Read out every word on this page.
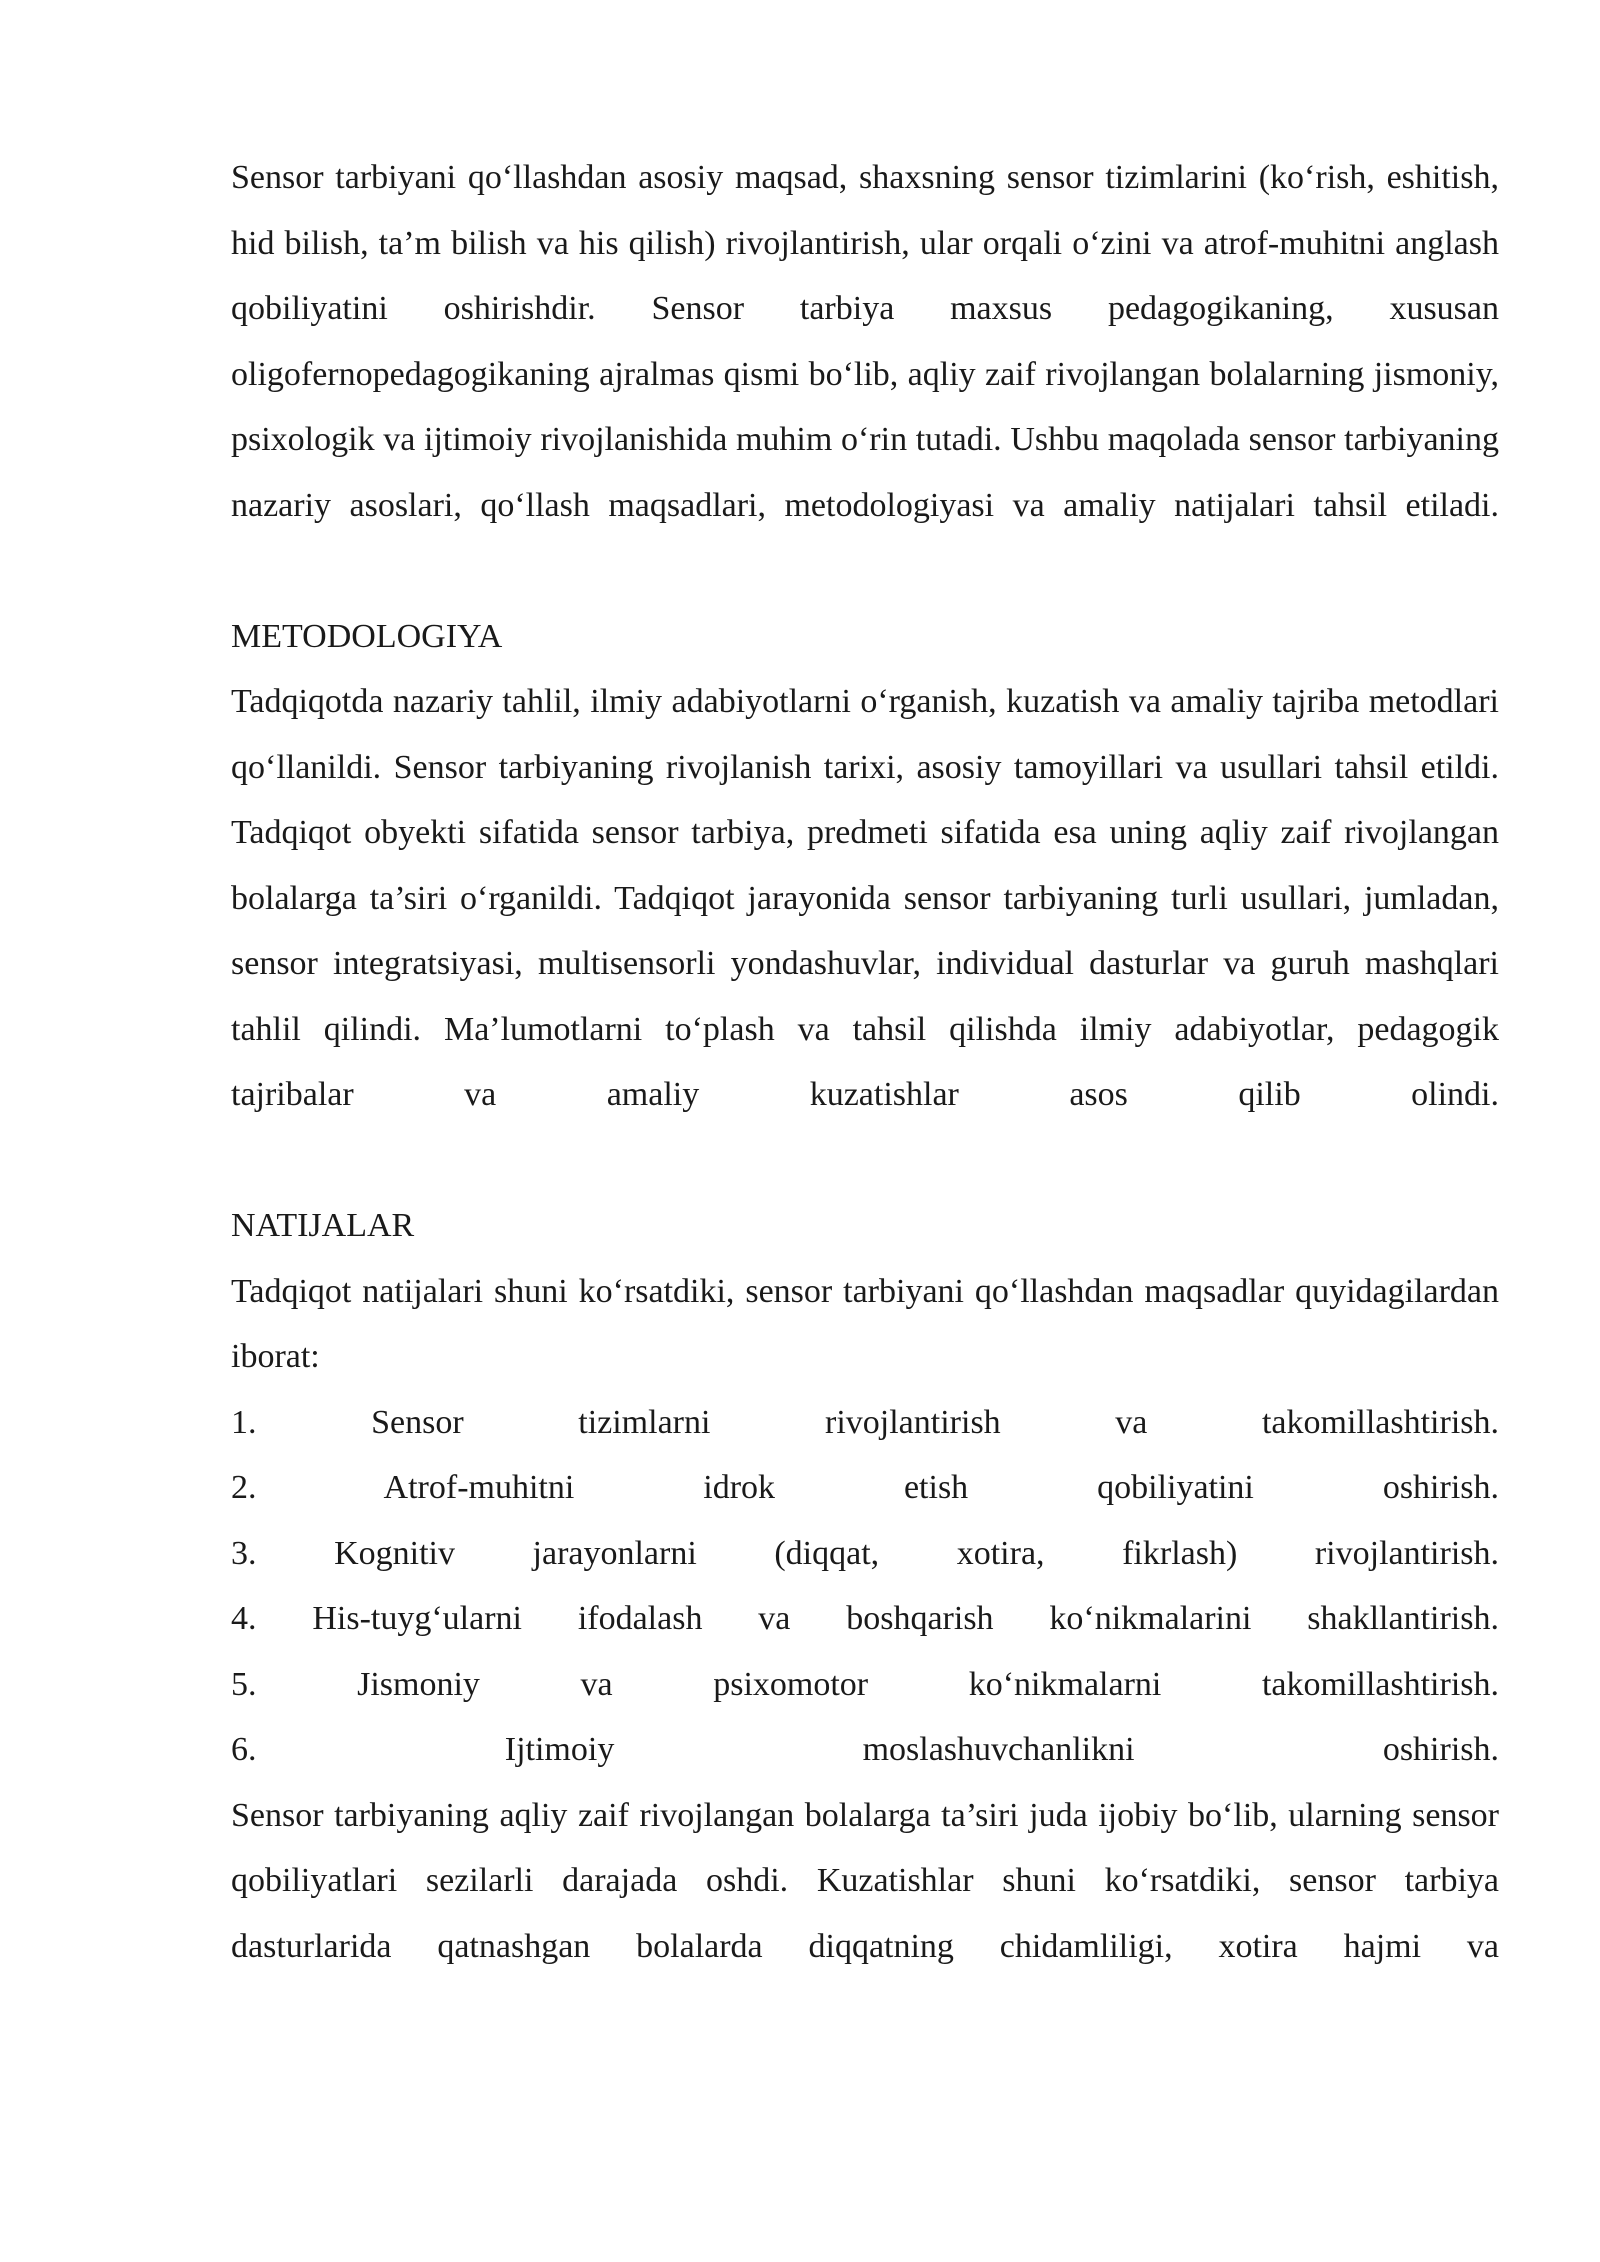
Sensor tarbiyani qo‘llashdan asosiy maqsad, shaxsning sensor tizimlarini (ko‘rish, eshitish, hid bilish, ta’m bilish va his qilish) rivojlantirish, ular orqali o‘zini va atrof-muhitni anglash qobiliyatini oshirishdir. Sensor tarbiya maxsus pedagogikaning, xususan oligofernopedagogikaning ajralmas qismi bo‘lib, aqliy zaif rivojlangan bolalarning jismoniy, psixologik va ijtimoiy rivojlanishida muhim o‘rin tutadi. Ushbu maqolada sensor tarbiyaning nazariy asoslari, qo‘llash maqsadlari, metodologiyasi va amaliy natijalari tahsil etiladi.

METODOLOGIYA

Tadqiqotda nazariy tahlil, ilmiy adabiyotlarni o‘rganish, kuzatish va amaliy tajriba metodlari qo‘llanildi. Sensor tarbiyaning rivojlanish tarixi, asosiy tamoyillari va usullari tahsil etildi. Tadqiqot obyekti sifatida sensor tarbiya, predmeti sifatida esa uning aqliy zaif rivojlangan bolalarga ta’siri o‘rganildi. Tadqiqot jarayonida sensor tarbiyaning turli usullari, jumladan, sensor integratsiyasi, multisensorli yondashuvlar, individual dasturlar va guruh mashqlari tahlil qilindi. Ma’lumotlarni to‘plash va tahsil qilishda ilmiy adabiyotlar, pedagogik tajribalar va amaliy kuzatishlar asos qilib olindi.

NATIJALAR

Tadqiqot natijalari shuni ko‘rsatdiki, sensor tarbiyani qo‘llashdan maqsadlar quyidagilardan iborat:

1. Sensor tizimlarni rivojlantirish va takomillashtirish.

2. Atrof-muhitni idrok etish qobiliyatini oshirish.

3. Kognitiv jarayonlarni (diqqat, xotira, fikrlash) rivojlantirish.

4. His-tuyg‘ularni ifodalash va boshqarish ko‘nikmalarini shakllantirish.

5. Jismoniy va psixomotor ko‘nikmalarni takomillashtirish.

6. Ijtimoiy moslashuvchanlikni oshirish.

Sensor tarbiyaning aqliy zaif rivojlangan bolalarga ta’siri juda ijobiy bo‘lib, ularning sensor qobiliyatlari sezilarli darajada oshdi. Kuzatishlar shuni ko‘rsatdiki, sensor tarbiya dasturlarida qatnashgan bolalarda diqqatning chidamliligi, xotira hajmi va
